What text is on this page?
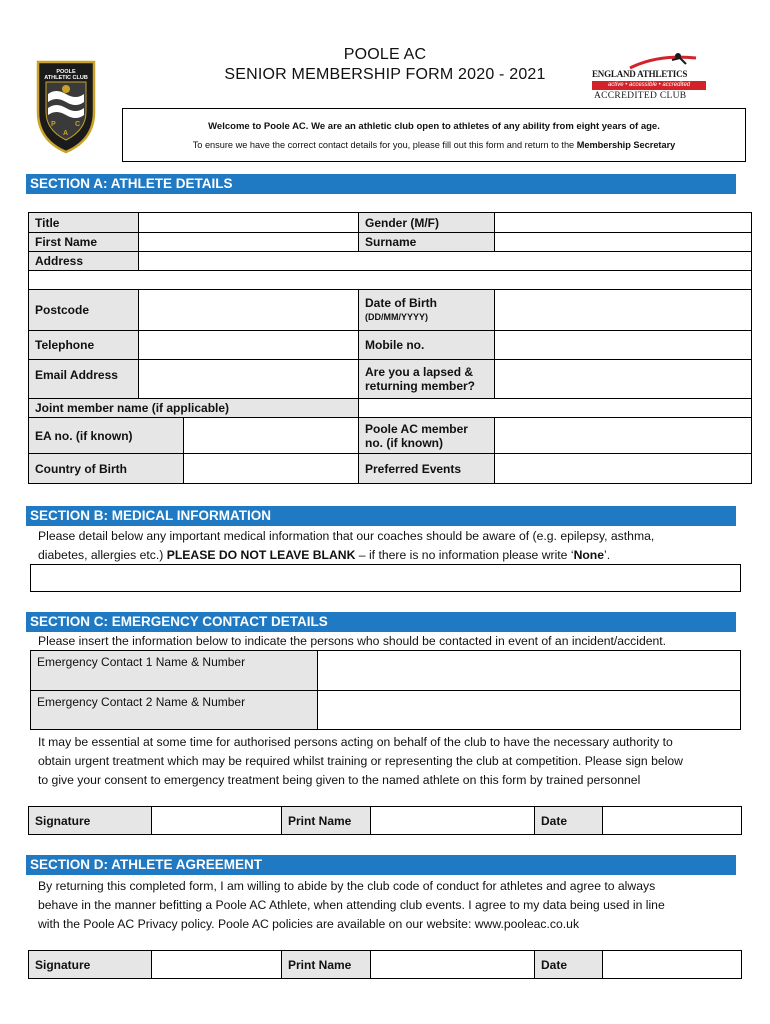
POOLE AC
SENIOR MEMBERSHIP FORM 2020 - 2021
POOLE ATHLETIC CLUB
P
A
C
ENGLAND ATHLETICS
active • accessible • accredited
ACCREDITED CLUB
Welcome to Poole AC. We are an athletic club open to athletes of any ability from eight years of age.
To ensure we have the correct contact details for you, please fill out this form and return to the Membership Secretary
SECTION A: ATHLETE DETAILS
Title	Gender (M/F)
First Name	Surname
Address
Postcode	Date of Birth
(DD/MM/YYYY)
Telephone	Mobile no.
Email Address	Are you a lapsed &
returning member?
Joint member name (if applicable)
EA no. (if known)	Poole AC member
no. (if known)
Country of Birth	Preferred Events
SECTION B: MEDICAL INFORMATION
Please detail below any important medical information that our coaches should be aware of (e.g. epilepsy, asthma,
diabetes, allergies etc.) PLEASE DO NOT LEAVE BLANK – if there is no information please write ‘None’.
SECTION C: EMERGENCY CONTACT DETAILS
Please insert the information below to indicate the persons who should be contacted in event of an incident/accident.
Emergency Contact 1 Name & Number
Emergency Contact 2 Name & Number
It may be essential at some time for authorised persons acting on behalf of the club to have the necessary authority to
obtain urgent treatment which may be required whilst training or representing the club at competition. Please sign below
to give your consent to emergency treatment being given to the named athlete on this form by trained personnel
Signature	Print Name	Date
SECTION D: ATHLETE AGREEMENT
By returning this completed form, I am willing to abide by the club code of conduct for athletes and agree to always
behave in the manner befitting a Poole AC Athlete, when attending club events. I agree to my data being used in line
with the Poole AC Privacy policy. Poole AC policies are available on our website: www.pooleac.co.uk
Signature	Print Name	Date
